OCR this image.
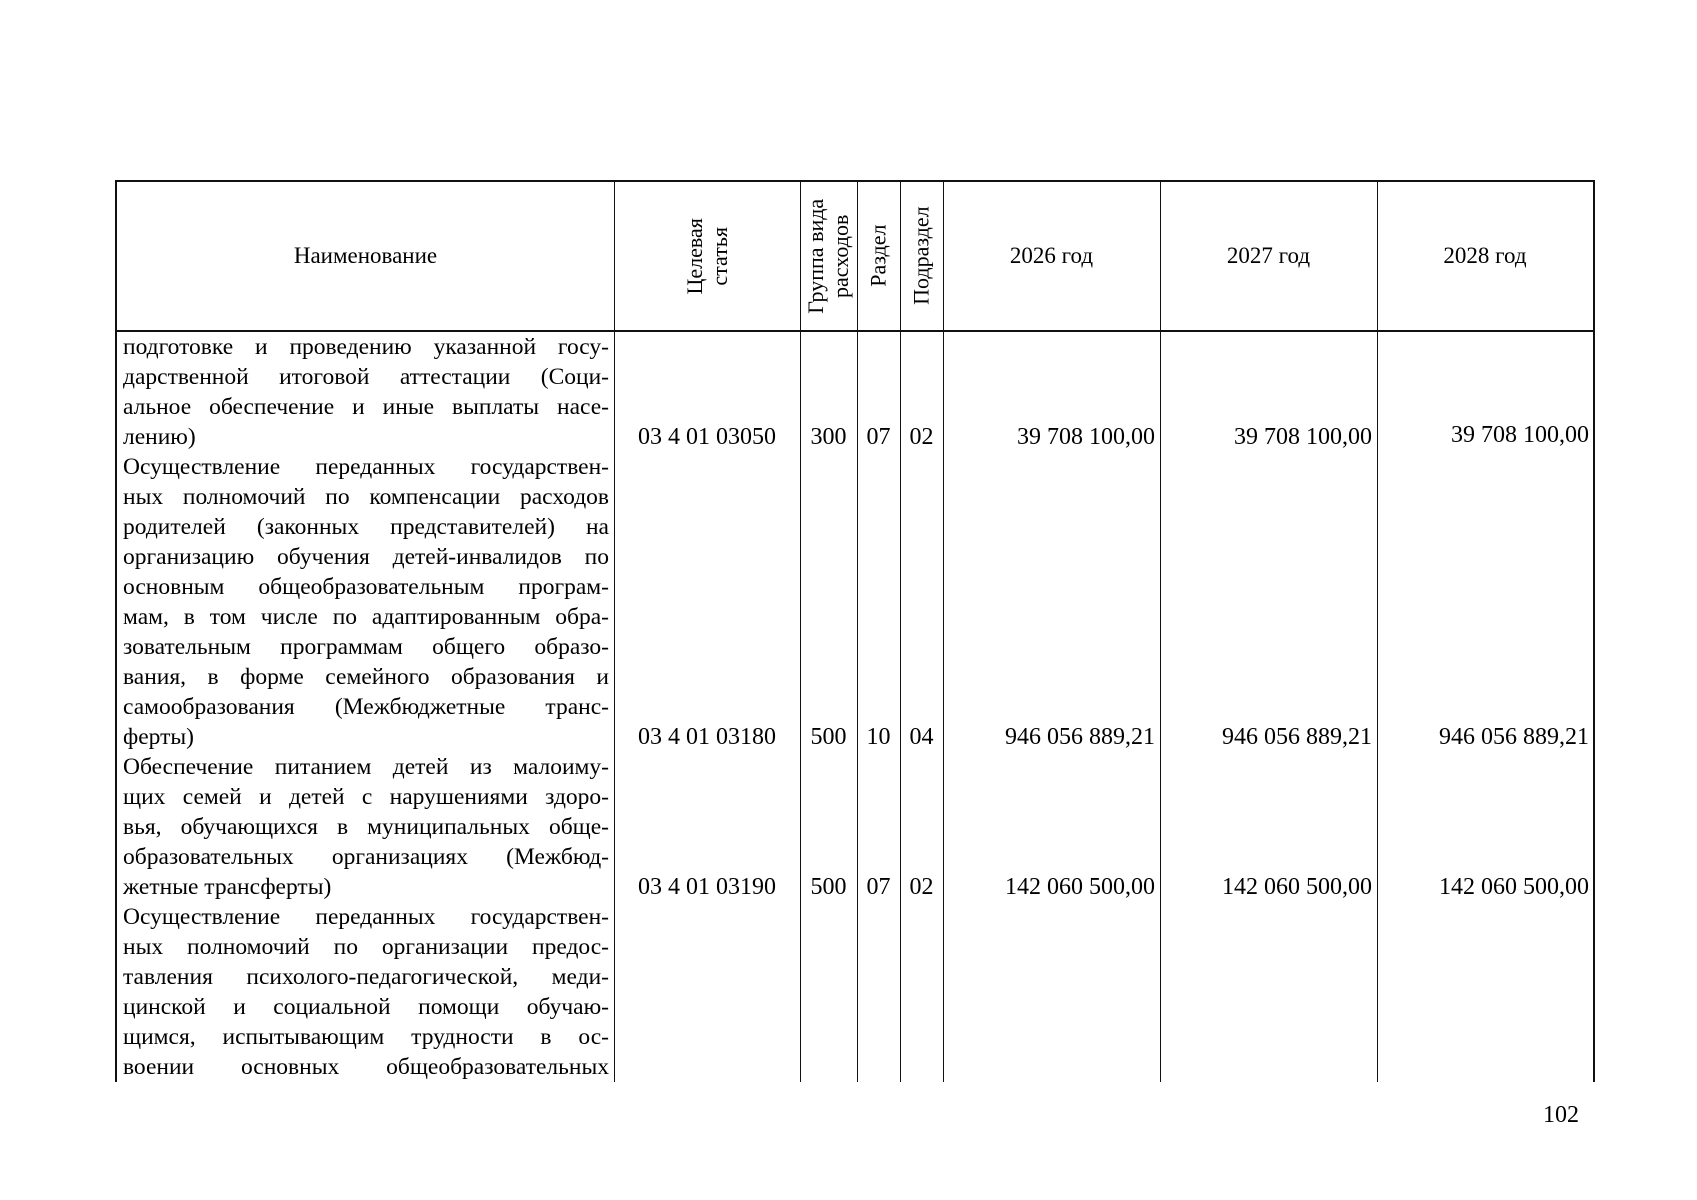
Наименование	Целевая статья	Группа вида расходов Раздел Подраздел	2026 год	2027 год	2028 год
подготовке и проведению указанной госу-
дарственной итоговой аттестации (Соци-
альное обеспечение и иные выплаты насе-
лению)	03 4 01 03050	300 07 02	39 708 100,00	39 708 100,00	39 708 100,00
Осуществление переданных государствен-
ных полномочий по компенсации расходов
родителей (законных представителей) на
организацию обучения детей-инвалидов по
основным общеобразовательным програм-
мам, в том числе по адаптированным обра-
зовательным программам общего образо-
вания, в форме семейного образования и
самообразования (Межбюджетные транс-
ферты)	03 4 01 03180	500 10 04	946 056 889,21	946 056 889,21	946 056 889,21
Обеспечение питанием детей из малоиму-
щих семей и детей с нарушениями здоро-
вья, обучающихся в муниципальных обще-
образовательных организациях (Межбюд-
жетные трансферты)	03 4 01 03190	500 07 02	142 060 500,00	142 060 500,00	142 060 500,00
Осуществление переданных государствен-
ных полномочий по организации предос-
тавления психолого-педагогической, меди-
цинской и социальной помощи обучаю-
щимся, испытывающим трудности в ос-
воении основных общеобразовательных
102
